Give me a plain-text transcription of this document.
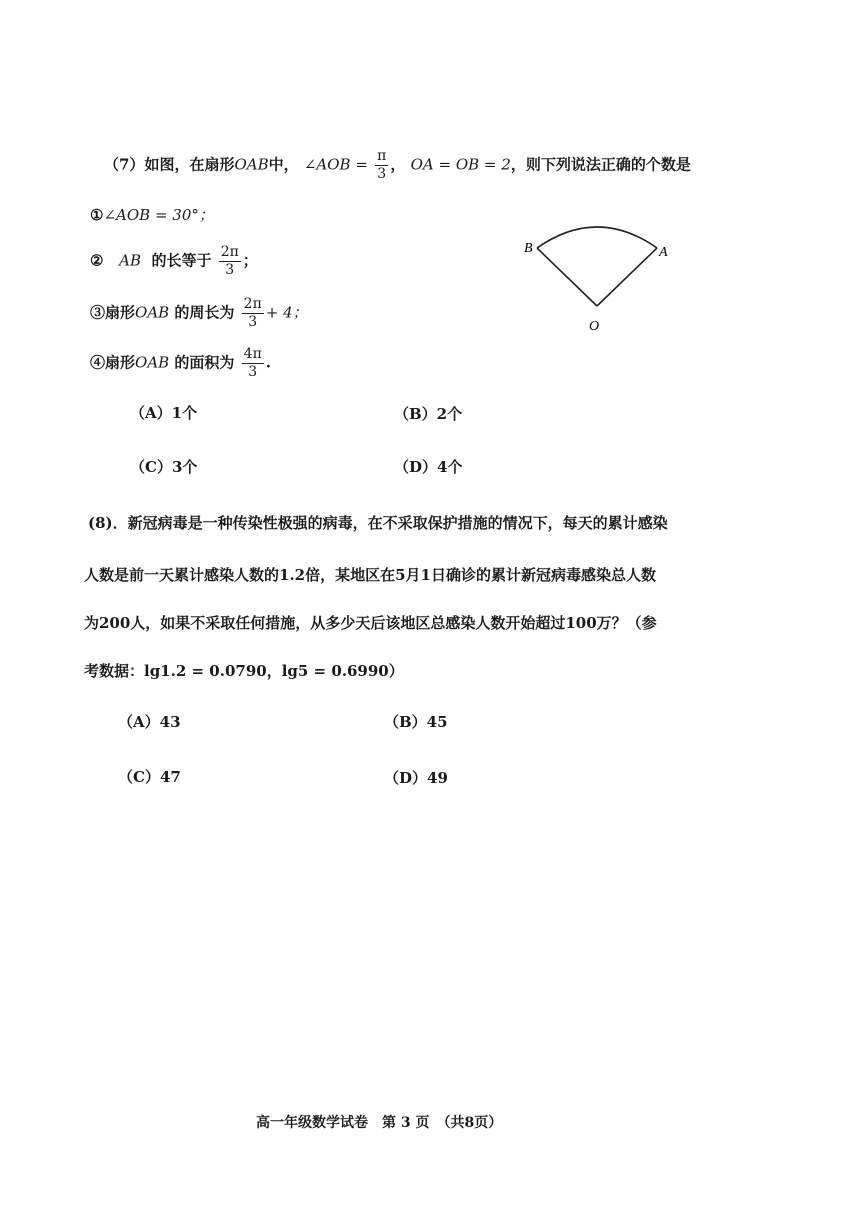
（7）如图，在扇形OAB中， ∠AOB = $\frac{\pi}{3}$ ， OA = OB = 2，则下列说法正确的个数是
①∠AOB = 30°；
② AB 的长等于 $\frac{2\pi}{3}$ ；
③扇形OAB 的周长为 $\frac{2\pi}{3} + 4$；
④扇形OAB 的面积为 $\frac{4\pi}{3}$ .
B	A
O
（A）1个	（B）2个
（C）3个	（D）4个
(8)．新冠病毒是一种传染性极强的病毒，在不采取保护措施的情况下，每天的累计感染
人数是前一天累计感染人数的1.2倍，某地区在5月1日确诊的累计新冠病毒感染总人数
为200人，如果不采取任何措施，从多少天后该地区总感染人数开始超过100万？（参
考数据：lg1.2 = 0.0790，lg5 = 0.6990）
（A）43	（B）45
（C）47	（D）49
高一年级数学试卷　第 3 页　（共8页）
